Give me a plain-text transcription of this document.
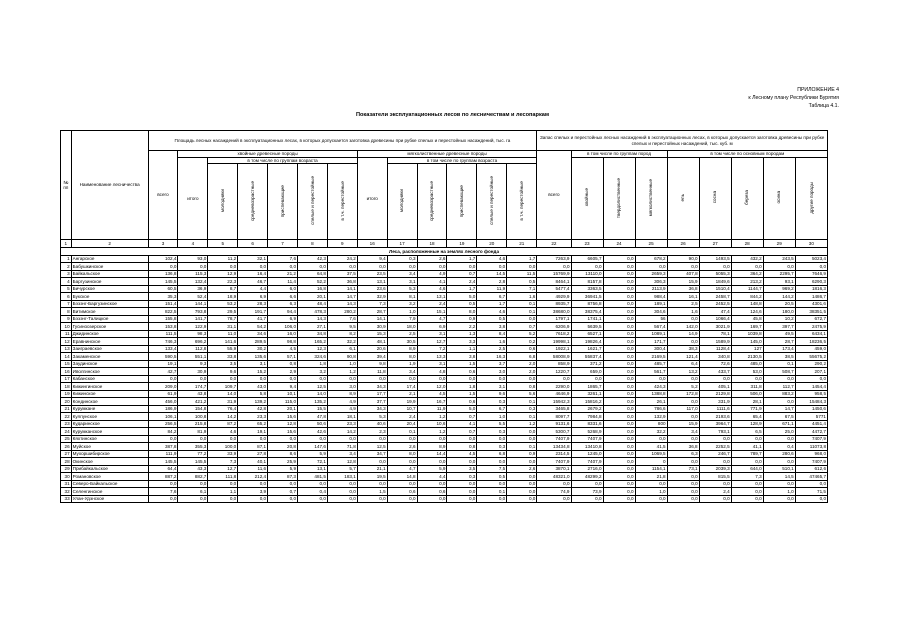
ПРИЛОЖЕНИЕ 4
к Лесному плану Республики Бурятия
Таблица 4.1.
Показатели эксплуатационных лесов по лесничествам и лесопаркам
№ пп	Наименование лесничества	Площадь лесных насаждений в эксплуатационных лесах, в которых допускается заготовка древесины при рубке спелых и перестойных насаждений, тыс. га													Запас спелых и перестойных лесных насаждений в эксплуатационных лесах, в которых допускается заготовка древесины при рубке спелых и перестойных насаждений, тыс. куб. м								
		всего	хвойные древесные породы						мягколиственные древесные породы						всего	в том числе по группам пород			в том числе по основным породам				
			итого	в том числе по группам возраста					итого	в том числе по группам возраста						хвойные	твердолиственные	мягколиственные	ель	сосна	береза	осина	другие породы
				молодняки	средневозрастные	приспевающие	спелые и перестойные	в т.ч. перестойные		молодняки	средневозрастные	приспевающие	спелые и перестойные	в т.ч. перестойные									

1	2	3	4	5	6	7	8	9	16	17	18	19	20	21	22	23	24	25	26	27	28	29	30
Леса, расположенные на землях лесного фонда																							
1	Ангарское	102,4	93,0	11,2	32,1	7,6	42,3	24,2	9,4	0,3	2,6	1,7	4,6	1,7	7263,9	6605,7	0,0	678,2	90,0	1493,5	432,2	243,5	5023,4
2	Бабушкинское	0,0	0,0	0,0	0,0	0,0	0,0	0,0	0,0	0,0	0,0	0,0	0,0	0,0	0,0	0,0	0,0	0,0	0,0	0,0	0,0	0,0	0,0
3	Байкальское	136,8	115,3	12,9	16,4	21,2	64,8	37,5	23,5	3,4	4,9	0,7	14,5	11,5	15769,9	13110,0	0,0	2659,3	407,8	5055,3	364,2	2295,7	7646,9
4	Баргузинское	145,5	132,4	22,3	46,7	11,4	52,2	36,8	13,1	3,1	4,1	2,4	2,8	0,5	8464,1	8157,8	0,0	306,3	15,9	1849,6	213,2	93,1	6290,3
5	Бичурское	60,5	36,9	8,7	4,4	6,0	16,8	14,1	23,6	5,3	4,6	1,7	11,9	7,1	5477,4	3363,5	0,0	2113,9	36,8	1510,4	1144,7	969,2	1816,3
6	Букское	35,3	52,4	18,9	6,9	6,6	20,1	14,7	32,9	8,1	13,1	5,0	6,7	1,6	4929,9	36941,5	0,0	988,4	16,1	2458,7	844,2	144,2	1486,7
7	Бэзэнг-Баргузинское	151,4	144,1	53,2	28,3	6,3	48,4	14,3	7,3	3,2	2,4	0,5	1,7	0,1	8935,7	8756,8	0,0	189,1	2,5	2452,5	148,8	20,5	4301,6
8	Витимское	822,5	793,8	29,5	191,7	94,4	478,3	280,2	28,7	1,0	15,1	8,0	4,6	0,1	38680,0	38375,4	0,0	304,6	1,6	47,4	124,6	180,0	38351,5
9	Бэзэнг-Талицкое	155,8	141,7	78,7	41,7	6,9	14,3	7,6	14,1	7,9	4,7	0,9	0,5	0,0	1797,1	1741,1	0,0	56	0,0	1066,4	45,8	10,2	672,7
10	Гусиноозерское	153,8	122,9	31,1	54,2	106,0	27,1	9,5	30,9	18,0	6,9	2,2	3,8	0,7	6206,9	5639,5	0,0	567,4	142,0	3021,9	169,7	397,7	2475,9
11	Джидинское	111,5	98,3	11,0	34,6	16,0	34,8	8,2	15,3	2,5	3,1	1,3	8,4	5,2	7618,2	6527,1	0,0	1089,1	14,9	78,1	1039,8	49,5	6434,1
12	Еравнинское	746,3	696,2	141,6	289,5	98,8	165,2	32,2	48,1	30,5	12,7	3,3	1,6	0,2	19998,1	19826,4	0,0	171,7	0,0	1589,9	145,0	28,7	18236,5
13	Заиграевское	133,4	112,8	55,9	30,2	4,5	12,3	6,1	20,6	8,9	7,2	1,1	2,5	0,6	1922,1	1621,7	0,0	300,4	38,3	1128,4	127	173,4	459,0
14	Закаменское	590,5	551,1	33,8	135,6	57,1	324,6	90,8	39,4	8,0	13,3	3,8	16,3	6,8	58008,9	55837,4	0,0	2169,5	121,4	340,8	2130,5	38,5	55675,2
15	Заудинское	19,1	9,3	3,5	3,1	0,8	1,8	1,0	9,8	1,9	3,1	1,5	3,7	2,0	858,9	371,2	0,0	485,7	6,4	72,6	485,0	0,1	290,2
16	Иволгинское	42,7	30,9	9,6	15,2	2,9	3,2	1,2	11,8	3,4	4,8	0,6	3,0	2,0	1220,7	659,0	0,0	561,7	13,2	433,7	53,0	508,7	207,1
17	Кабанское	0,0	0,0	0,0	0,0	0,0	0,0	0,0	0,0	0,0	0,0	0,0	0,0	0,0	0,0	0,0	0,0	0,0	0,0	0,0	0,0	0,0	0,0
18	Кижингинское	209,0	174,7	109,7	43,0	9,4	12,5	3,0	34,3	17,4	12,0	1,8	3,1	0,8	2290,0	1865,7	0,0	424,3	5,2	405,1	311,8	112,7	1454,4
19	Кижинское	61,9	43,8	14,0	5,8	10,1	14,0	8,9	17,7	2,1	4,5	1,5	9,6	5,6	4646,9	3261,1	0,0	1388,8	172,8	2129,8	506,0	883,2	958,5
20	Кондинское	456,0	421,2	31,9	139,2	115,0	135,2	4,9	37,7	19,9	16,7	0,6	0,3	0,1	15942,3	15816,2	0,0	26,1	0,0	331,9	28,1	0,0	15484,3
21	Курумкане	186,9	154,8	76,4	42,8	20,1	15,5	4,9	34,3	10,7	11,9	5,0	6,7	0,3	3465,8	2679,2	0,0	786,6	117,0	1111,6	771,9	14,7	1450,6
22	Кулпунское	106,1	100,8	14,2	23,3	15,6	47,8	18,1	5,3	2,4	1,2	0,7	1,0	0,1	8097,7	7984,8	0,0	132,9	0,0	2193,6	65,4	67,5	5771
23	Кударинское	256,5	215,8	87,2	65,2	12,8	50,6	23,3	40,6	20,4	10,6	4,1	5,5	1,2	9131,6	8331,6	0,0	800	15,9	3964,7	128,9	671,1	4451,4
24	Курумканское	84,2	81,9	4,6	19,1	15,6	42,6	14,2	2,3	0,1	1,2	0,7	0,3	0,0	5300,7	5268,9	0,0	32,2	3,4	793,1	6,5	25,0	4472,7
25	Кяхтинское	0,0	0,0	0,0	0,0	0,0	0,0	0,0	0,0	0,0	0,0	0,0	0,0	0,0	7407,9	7407,9	0,0	0,0	0,0	0,0	0,0	0,0	7407,9
26	Муйское	387,8	355,3	100,0	87,1	20,8	147,6	71,8	12,5	2,6	8,9	0,8	0,3	0,1	13434,8	13410,8	0,0	41,5	36,8	2252,5	41,1	0,4	11073,8
27	Мухоршибирское	111,9	77,2	33,9	27,8	8,6	5,9	3,4	34,7	8,0	14,4	4,5	6,8	0,9	2314,5	1245,0	0,0	1069,5	6,3	246,7	789,7	280,6	968,0
28	Окинское	145,5	145,5	7,3	40,1	25,9	72,1	12,8	0,0	0,0	0,0	0,0	0,0	0,0	7407,9	7407,9	0,0	0	0,0	0,0	0,0	0,0	7407,9
29	Прибайкальское	64,4	43,3	12,7	11,6	5,9	13,1	5,7	21,1	4,7	5,9	3,5	7,5	2,6	3870,1	2716,0	0,0	1154,1	73,1	2039,3	644,0	510,1	612,6
30	Романовское	887,2	882,7	111,8	212,4	87,3	481,5	183,1	19,5	14,8	4,4	0,3	0,5	0,0	48321,0	48299,2	0,0	21,8	0,0	815,5	7,3	14,5	47465,7
31	Северо-Байкальское	0,0	0,0	0,0	0,0	0,0	0,0	0,0	0,0	0,0	0,0	0,0	0,0	0,0	0,0	0,0	0,0	0,0	0,0	0,0	0,0	0,0	0,0
32	Селенгинское	7,6	6,1	1,1	3,9	0,7	0,4	0,0	1,5	0,6	0,6	0,0	0,1	0,0	74,9	73,9	0,0	1,0	0,0	2,4	0,0	1,0	71,5
33	Улан-Удэнское	0,0	0,0	0,0	0,0	0,0	0,0	0,0	0,0	0,0	0,0	0,0	0,0	0,0	0,0	0,0	0,0	0,0	0,0	0,0	0,0	0,0	0,0
